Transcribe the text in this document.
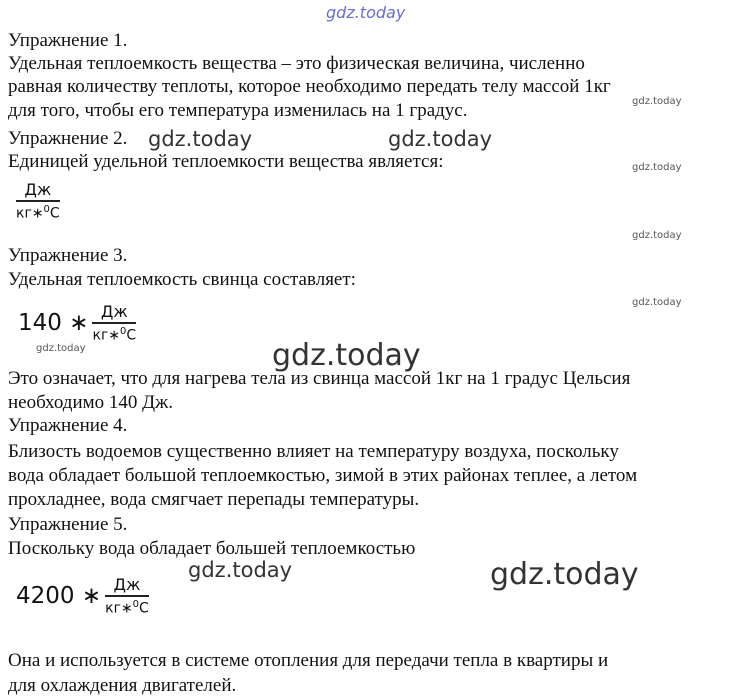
gdz.today
gdz.today
gdz.today	gdz.today
gdz.today
gdz.today
gdz.today
gdz.today	gdz.today
gdz.today	gdz.today
Упражнение 1.
Удельная теплоемкость вещества – это физическая величина, численно
равная количеству теплоты, которое необходимо передать телу массой 1кг
для того, чтобы его температура изменилась на 1 градус.
Упражнение 2.
Единицей удельной теплоемкости вещества является:
$\frac{Дж}{кг∗^0С}$
Упражнение 3.
Удельная теплоемкость свинца составляет:
140 ∗ $\frac{Дж}{кг∗^0С}$
Это означает, что для нагрева тела из свинца массой 1кг на 1 градус Цельсия
необходимо 140 Дж.
Упражнение 4.
Близость водоемов существенно влияет на температуру воздуха, поскольку
вода обладает большой теплоемкостью, зимой в этих районах теплее, а летом
прохладнее, вода смягчает перепады температуры.
Упражнение 5.
Поскольку вода обладает большей теплоемкостью
4200 ∗ $\frac{Дж}{кг∗^0С}$
Она и используется в системе отопления для передачи тепла в квартиры и
для охлаждения двигателей.
